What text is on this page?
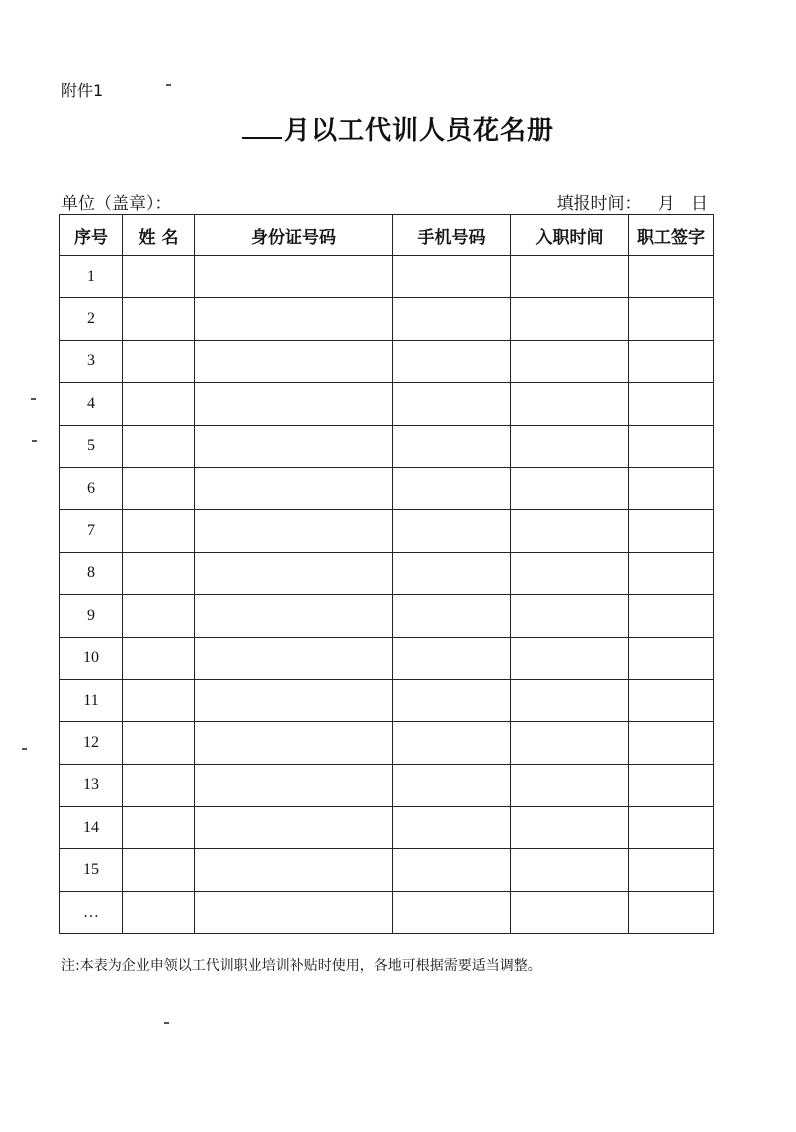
附件1
月以工代训人员花名册
单位（盖章）：	填报时间： 月 日
序号	姓 名	身份证号码	手机号码	入职时间	职工签字
1					
2					
3					
4					
5					
6					
7					
8					
9					
10					
11					
12					
13					
14					
15					
…					
注:本表为企业申领以工代训职业培训补贴时使用，各地可根据需要适当调整。
